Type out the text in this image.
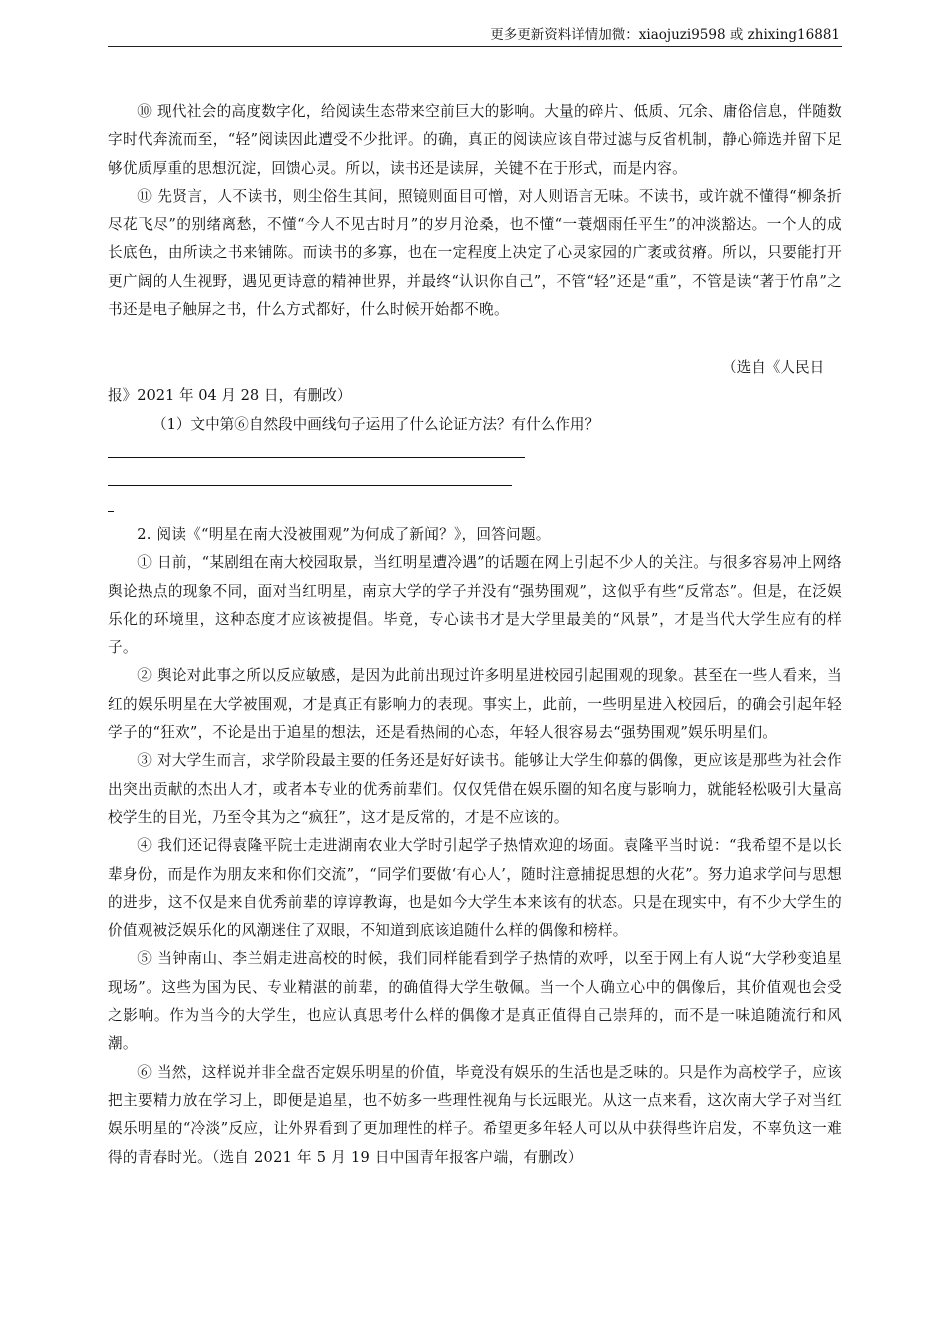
更多更新资料详情加微：xiaojuzi9598 或 zhixing16881

⑩ 现代社会的高度数字化，给阅读生态带来空前巨大的影响。大量的碎片、低质、冗余、庸俗信息，伴随数字时代奔流而至，“轻”阅读因此遭受不少批评。的确，真正的阅读应该自带过滤与反省机制，静心筛选并留下足够优质厚重的思想沉淀，回馈心灵。所以，读书还是读屏，关键不在于形式，而是内容。

⑪ 先贤言，人不读书，则尘俗生其间，照镜则面目可憎，对人则语言无味。不读书，或许就不懂得“柳条折尽花飞尽”的别绪离愁，不懂“今人不见古时月”的岁月沧桑，也不懂“一蓑烟雨任平生”的冲淡豁达。一个人的成长底色，由所读之书来铺陈。而读书的多寡，也在一定程度上决定了心灵家园的广袤或贫瘠。所以，只要能打开更广阔的人生视野，遇见更诗意的精神世界，并最终“认识你自己”，不管“轻”还是“重”，不管是读“著于竹帛”之书还是电子触屏之书，什么方式都好，什么时候开始都不晚。

（选自《人民日
报》2021 年 04 月 28 日，有删改）
（1）文中第⑥自然段中画线句子运用了什么论证方法？有什么作用？

2. 阅读《“明星在南大没被围观”为何成了新闻？》，回答问题。

① 日前，“某剧组在南大校园取景，当红明星遭冷遇”的话题在网上引起不少人的关注。与很多容易冲上网络舆论热点的现象不同，面对当红明星，南京大学的学子并没有“强势围观”，这似乎有些“反常态”。但是，在泛娱乐化的环境里，这种态度才应该被提倡。毕竟，专心读书才是大学里最美的“风景”，才是当代大学生应有的样子。

② 舆论对此事之所以反应敏感，是因为此前出现过许多明星进校园引起围观的现象。甚至在一些人看来，当红的娱乐明星在大学被围观，才是真正有影响力的表现。事实上，此前，一些明星进入校园后，的确会引起年轻学子的“狂欢”，不论是出于追星的想法，还是看热闹的心态，年轻人很容易去“强势围观”娱乐明星们。

③ 对大学生而言，求学阶段最主要的任务还是好好读书。能够让大学生仰慕的偶像，更应该是那些为社会作出突出贡献的杰出人才，或者本专业的优秀前辈们。仅仅凭借在娱乐圈的知名度与影响力，就能轻松吸引大量高校学生的目光，乃至令其为之“疯狂”，这才是反常的，才是不应该的。

④ 我们还记得袁隆平院士走进湖南农业大学时引起学子热情欢迎的场面。袁隆平当时说：“我希望不是以长辈身份，而是作为朋友来和你们交流”，“同学们要做‘有心人’，随时注意捕捉思想的火花”。努力追求学问与思想的进步，这不仅是来自优秀前辈的谆谆教诲，也是如今大学生本来该有的状态。只是在现实中，有不少大学生的价值观被泛娱乐化的风潮迷住了双眼，不知道到底该追随什么样的偶像和榜样。

⑤ 当钟南山、李兰娟走进高校的时候，我们同样能看到学子热情的欢呼，以至于网上有人说“大学秒变追星现场”。这些为国为民、专业精湛的前辈，的确值得大学生敬佩。当一个人确立心中的偶像后，其价值观也会受之影响。作为当今的大学生，也应认真思考什么样的偶像才是真正值得自己崇拜的，而不是一味追随流行和风潮。

⑥ 当然，这样说并非全盘否定娱乐明星的价值，毕竟没有娱乐的生活也是乏味的。只是作为高校学子，应该把主要精力放在学习上，即便是追星，也不妨多一些理性视角与长远眼光。从这一点来看，这次南大学子对当红娱乐明星的“冷淡”反应，让外界看到了更加理性的样子。希望更多年轻人可以从中获得些许启发，不辜负这一难得的青春时光。（选自 2021 年 5 月 19 日中国青年报客户端，有删改）
